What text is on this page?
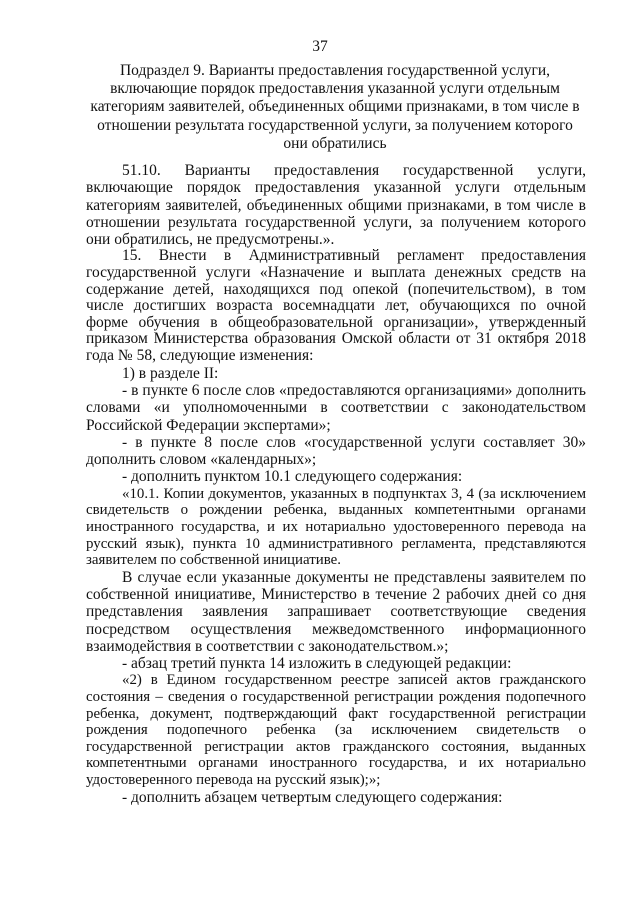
37
Подраздел 9. Варианты предоставления государственной услуги, включающие порядок предоставления указанной услуги отдельным категориям заявителей, объединенных общими признаками, в том числе в отношении результата государственной услуги, за получением которого они обратились

51.10. Варианты предоставления государственной услуги, включающие порядок предоставления указанной услуги отдельным категориям заявителей, объединенных общими признаками, в том числе в отношении результата государственной услуги, за получением которого они обратились, не предусмотрены.».

15. Внести в Административный регламент предоставления государственной услуги «Назначение и выплата денежных средств на содержание детей, находящихся под опекой (попечительством), в том числе достигших возраста восемнадцати лет, обучающихся по очной форме обучения в общеобразовательной организации», утвержденный приказом Министерства образования Омской области от 31 октября 2018 года № 58, следующие изменения:

1) в разделе II:

- в пункте 6 после слов «предоставляются организациями» дополнить словами «и уполномоченными в соответствии с законодательством Российской Федерации экспертами»;

- в пункте 8 после слов «государственной услуги составляет 30» дополнить словом «календарных»;

- дополнить пунктом 10.1 следующего содержания:

«10.1. Копии документов, указанных в подпунктах 3, 4 (за исключением свидетельств о рождении ребенка, выданных компетентными органами иностранного государства, и их нотариально удостоверенного перевода на русский язык), пункта 10 административного регламента, представляются заявителем по собственной инициативе.

В случае если указанные документы не представлены заявителем по собственной инициативе, Министерство в течение 2 рабочих дней со дня представления заявления запрашивает соответствующие сведения посредством осуществления межведомственного информационного взаимодействия в соответствии с законодательством.»;

- абзац третий пункта 14 изложить в следующей редакции:

«2) в Едином государственном реестре записей актов гражданского состояния – сведения о государственной регистрации рождения подопечного ребенка, документ, подтверждающий факт государственной регистрации рождения подопечного ребенка (за исключением свидетельств о государственной регистрации актов гражданского состояния, выданных компетентными органами иностранного государства, и их нотариально удостоверенного перевода на русский язык);»;

- дополнить абзацем четвертым следующего содержания:
